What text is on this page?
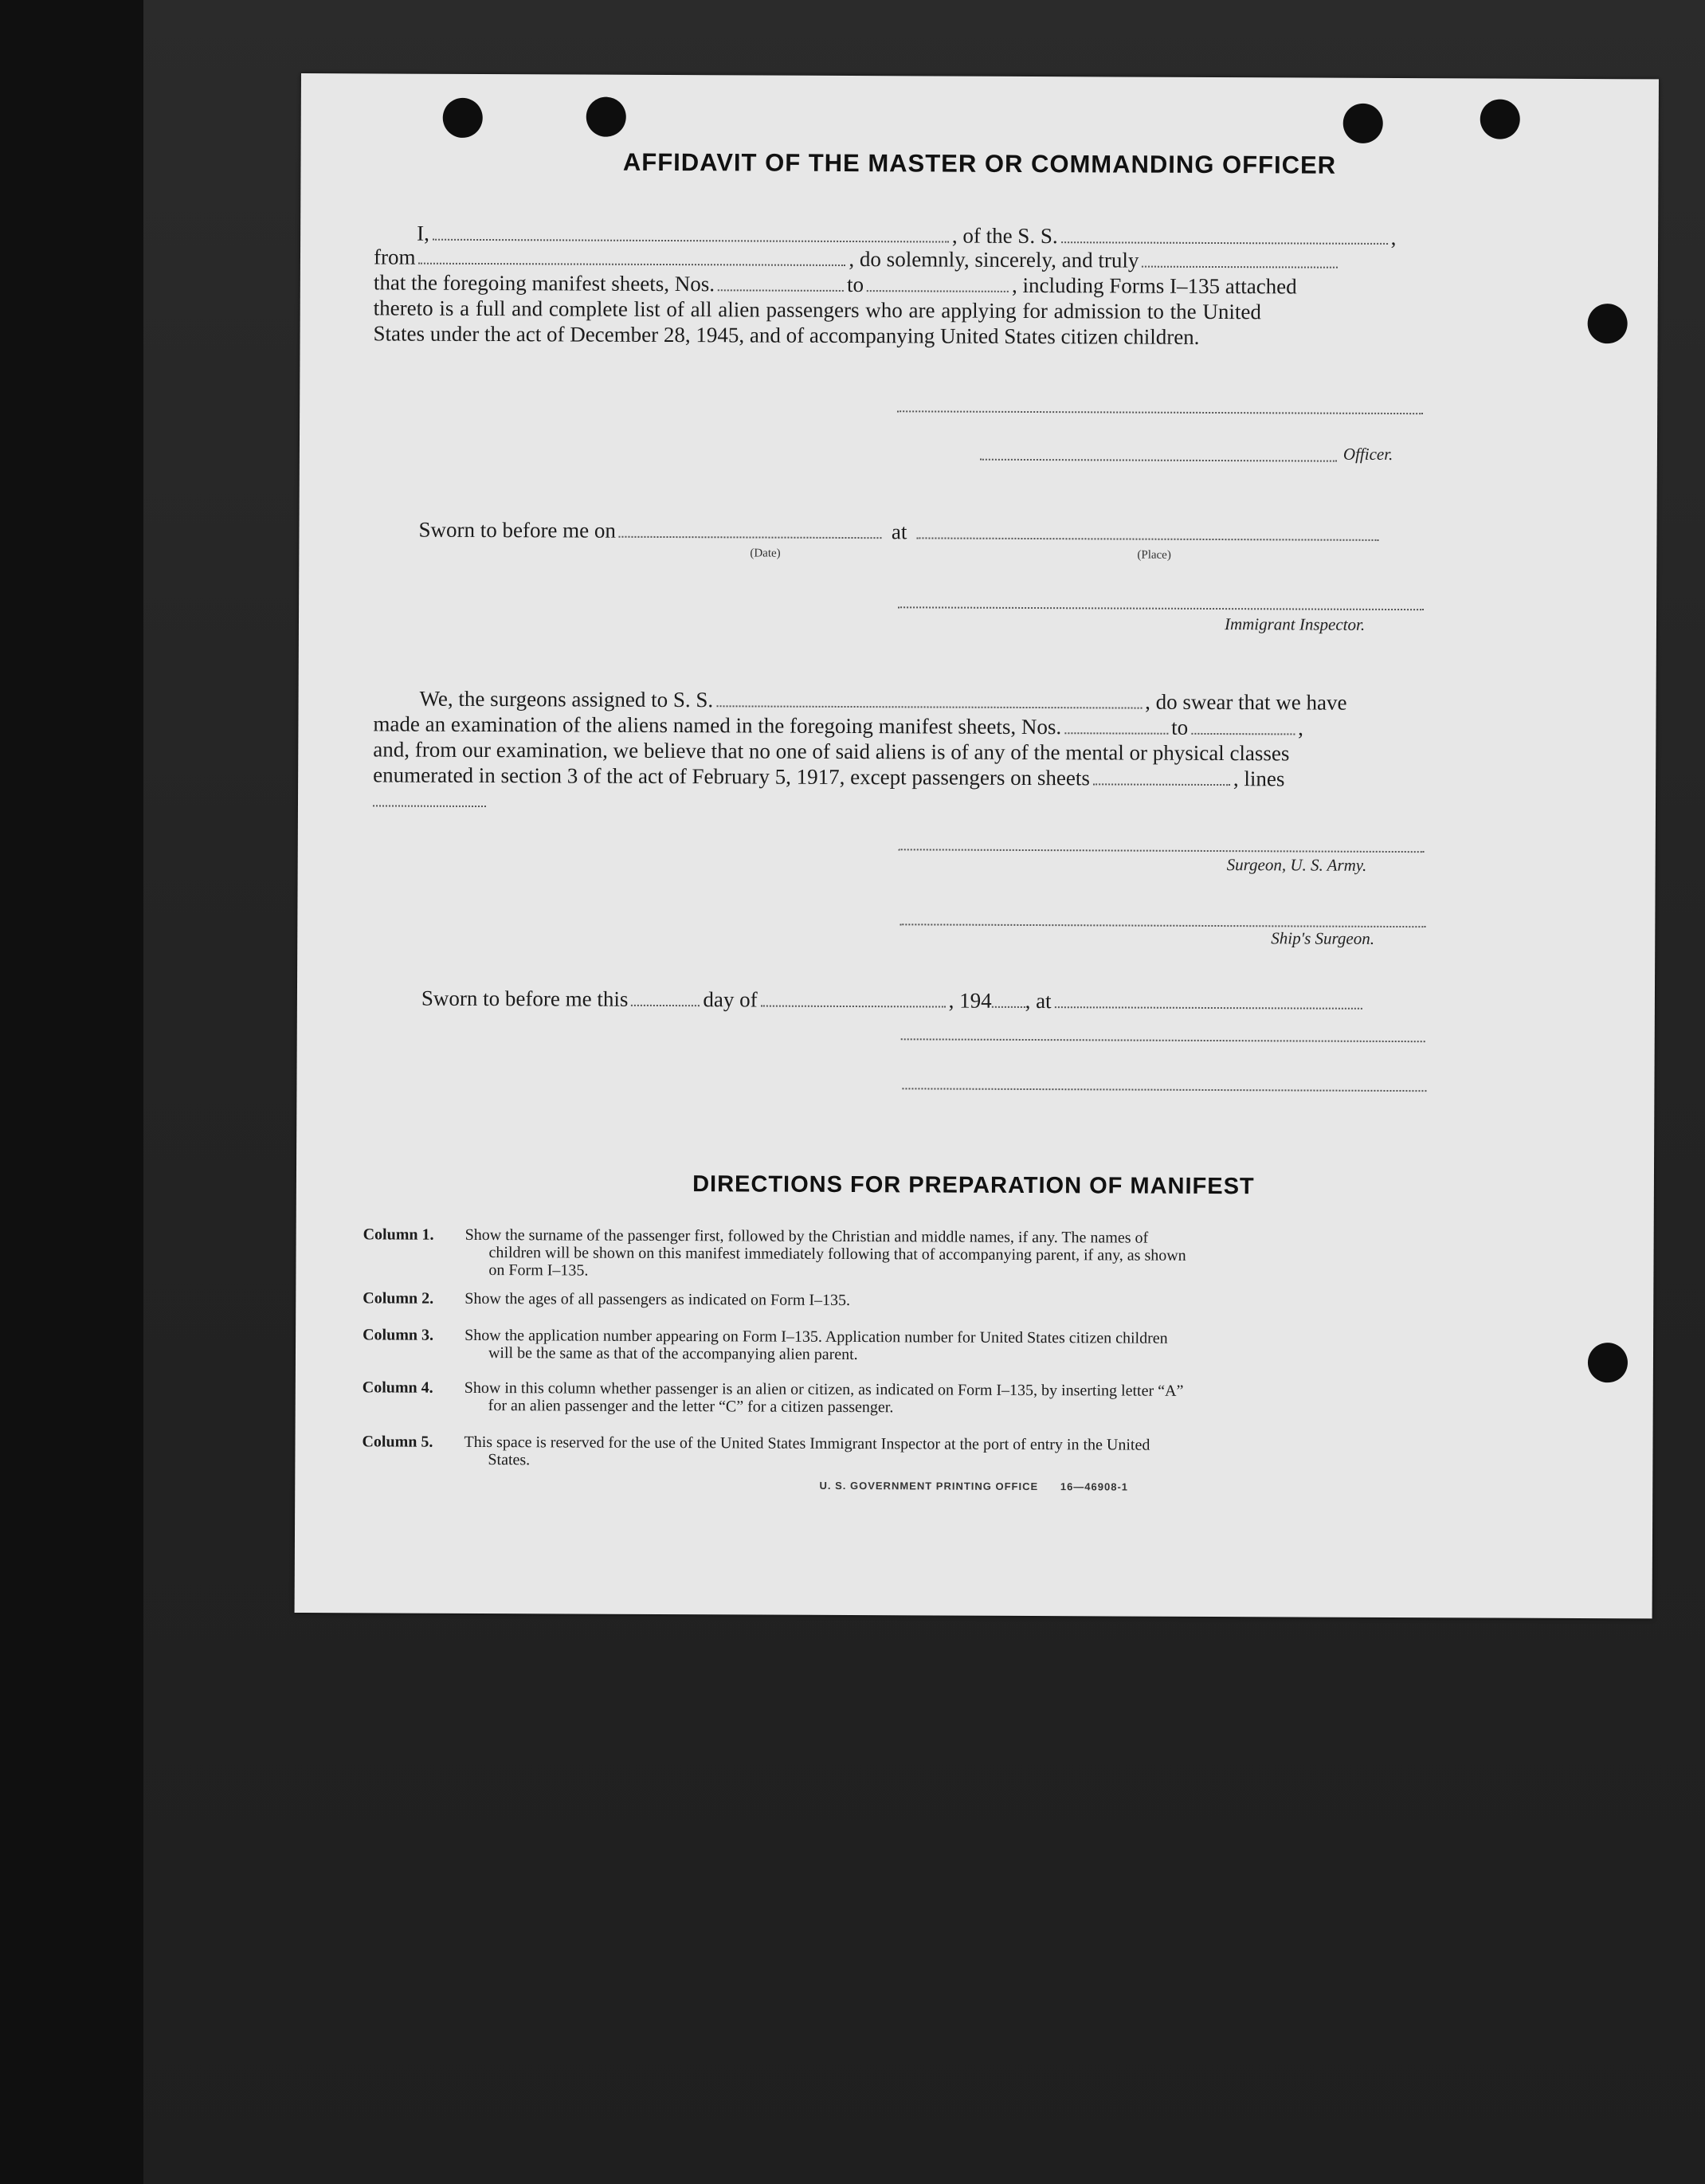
AFFIDAVIT OF THE MASTER OR COMMANDING OFFICER
I,	, of the S. S.	,
from	, do solemnly, sincerely, and truly
that the foregoing manifest sheets, Nos.	to	, including Forms I–135 attached
thereto is a full and complete list of all alien passengers who are applying for admission to the United
States under the act of December 28, 1945, and of accompanying United States citizen children.
Officer.
Sworn to before me on	at
(Date)	(Place)
Immigrant Inspector.
We, the surgeons assigned to S. S.	, do swear that we have
made an examination of the aliens named in the foregoing manifest sheets, Nos.	to	,
and, from our examination, we believe that no one of said aliens is of any of the mental or physical classes
enumerated in section 3 of the act of February 5, 1917, except passengers on sheets	, lines
Surgeon, U. S. Army.
Ship's Surgeon.
Sworn to before me this	day of	, 194 , at
DIRECTIONS FOR PREPARATION OF MANIFEST
Column 1.	Show the surname of the passenger first, followed by the Christian and middle names, if any. The names of
children will be shown on this manifest immediately following that of accompanying parent, if any, as shown
on Form I–135.
Column 2.	Show the ages of all passengers as indicated on Form I–135.
Column 3.	Show the application number appearing on Form I–135. Application number for United States citizen children
will be the same as that of the accompanying alien parent.
Column 4.	Show in this column whether passenger is an alien or citizen, as indicated on Form I–135, by inserting letter “A”
for an alien passenger and the letter “C” for a citizen passenger.
Column 5.	This space is reserved for the use of the United States Immigrant Inspector at the port of entry in the United
States.
U. S. GOVERNMENT PRINTING OFFICE      16—46908-1
